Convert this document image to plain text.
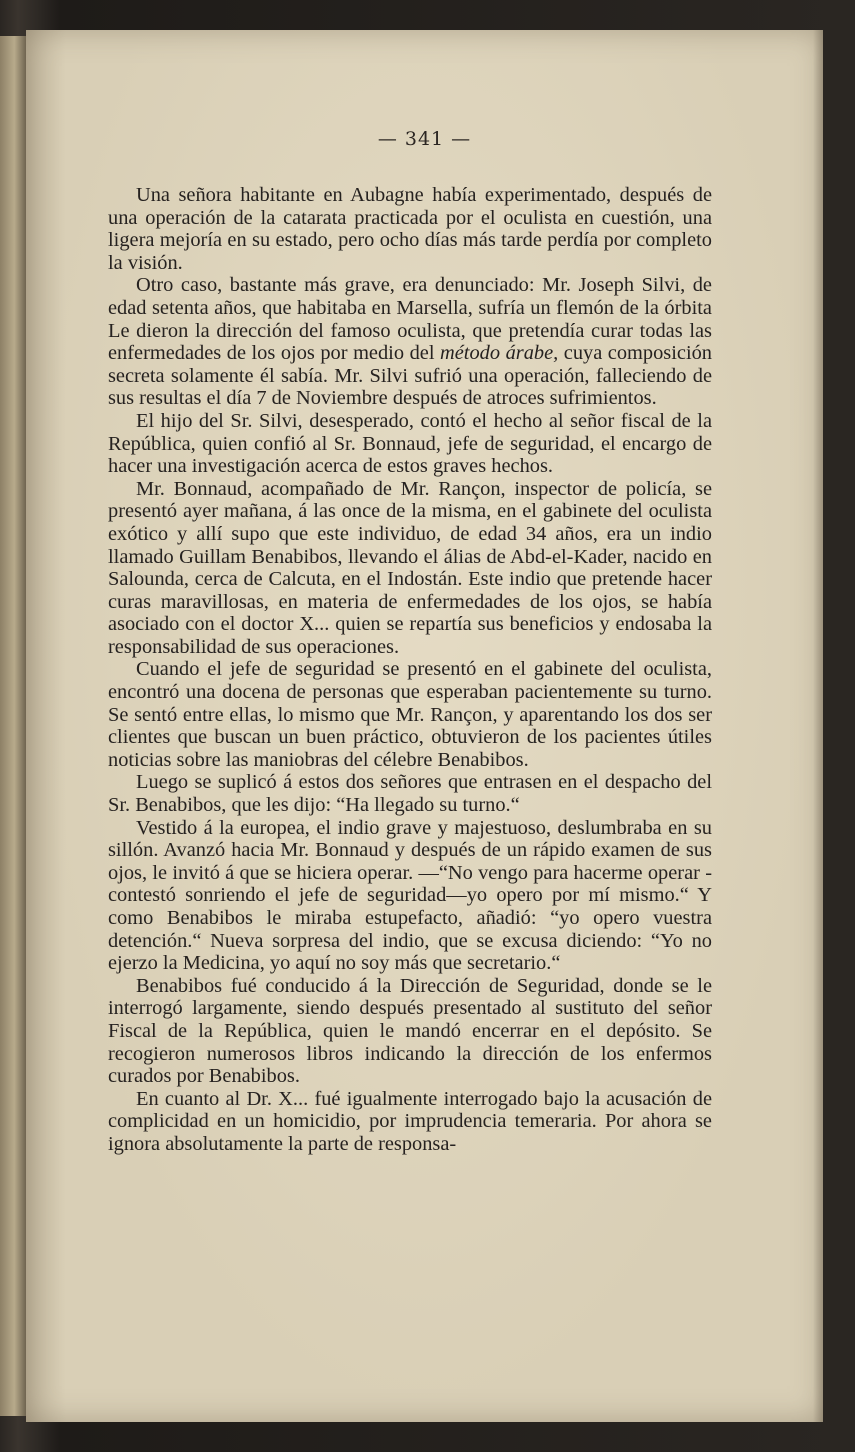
— 341 —

Una señora habitante en Aubagne había experimentado, después de una operación de la catarata practicada por el oculista en cuestión, una ligera mejoría en su estado, pero ocho días más tarde perdía por completo la visión.

Otro caso, bastante más grave, era denunciado: Mr. Joseph Silvi, de edad setenta años, que habitaba en Marsella, sufría un flemón de la órbita Le dieron la dirección del famoso oculista, que pretendía curar todas las enfermedades de los ojos por medio del método árabe, cuya composición secreta solamente él sabía. Mr. Silvi sufrió una operación, falleciendo de sus resultas el día 7 de Noviembre después de atroces sufrimientos.

El hijo del Sr. Silvi, desesperado, contó el hecho al señor fiscal de la República, quien confió al Sr. Bonnaud, jefe de seguridad, el encargo de hacer una investigación acerca de estos graves hechos.

Mr. Bonnaud, acompañado de Mr. Rançon, inspector de policía, se presentó ayer mañana, á las once de la misma, en el gabinete del oculista exótico y allí supo que este individuo, de edad 34 años, era un indio llamado Guillam Benabibos, llevando el álias de Abd-el-Kader, nacido en Salounda, cerca de Calcuta, en el Indostán. Este indio que pretende hacer curas maravillosas, en materia de enfermedades de los ojos, se había asociado con el doctor X... quien se repartía sus beneficios y endosaba la responsabilidad de sus operaciones.

Cuando el jefe de seguridad se presentó en el gabinete del oculista, encontró una docena de personas que esperaban pacientemente su turno. Se sentó entre ellas, lo mismo que Mr. Rançon, y aparentando los dos ser clientes que buscan un buen práctico, obtuvieron de los pacientes útiles noticias sobre las maniobras del célebre Benabibos.

Luego se suplicó á estos dos señores que entrasen en el despacho del Sr. Benabibos, que les dijo: “Ha llegado su turno.“

Vestido á la europea, el indio grave y majestuoso, deslumbraba en su sillón. Avanzó hacia Mr. Bonnaud y después de un rápido examen de sus ojos, le invitó á que se hiciera operar. —“No vengo para hacerme operar - contestó sonriendo el jefe de seguridad—yo opero por mí mismo.“ Y como Benabibos le miraba estupefacto, añadió: “yo opero vuestra detención.“ Nueva sorpresa del indio, que se excusa diciendo: “Yo no ejerzo la Medicina, yo aquí no soy más que secretario.“

Benabibos fué conducido á la Dirección de Seguridad, donde se le interrogó largamente, siendo después presentado al sustituto del señor Fiscal de la República, quien le mandó encerrar en el depósito. Se recogieron numerosos libros indicando la dirección de los enfermos curados por Benabibos.

En cuanto al Dr. X... fué igualmente interrogado bajo la acusación de complicidad en un homicidio, por imprudencia temeraria. Por ahora se ignora absolutamente la parte de responsa-
